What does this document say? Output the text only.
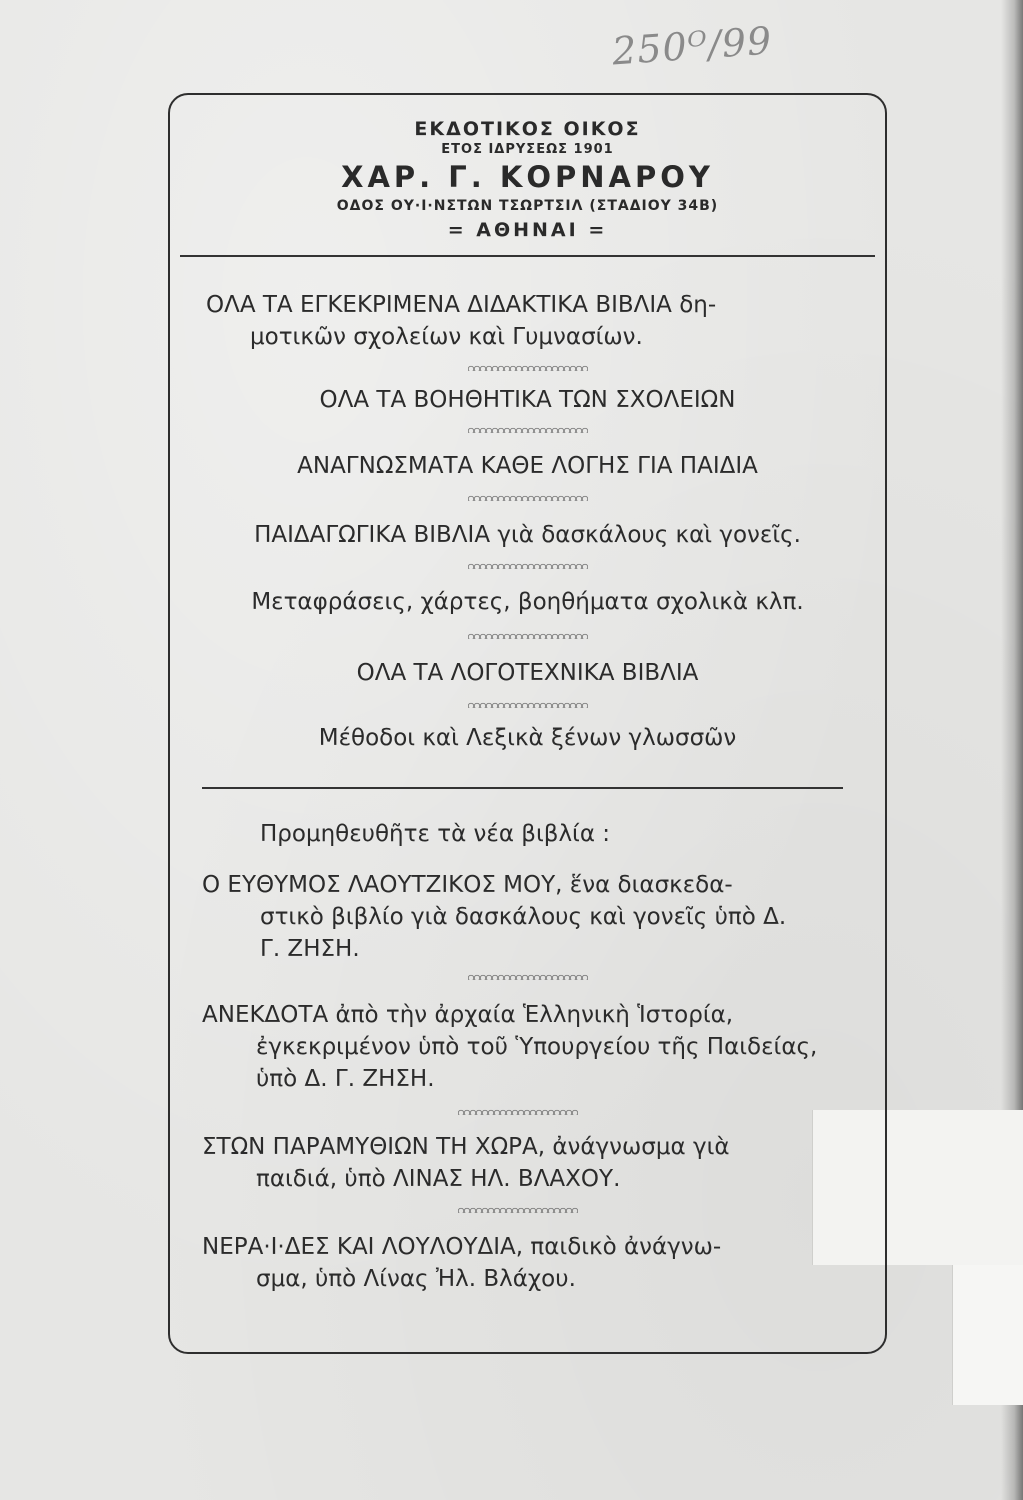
250ᴼ/99
ΕΚΔΟΤΙΚΟΣ ΟΙΚΟΣ
ΕΤΟΣ ΙΔΡΥΣΕΩΣ 1901
ΧΑΡ. Γ. ΚΟΡΝΑΡΟΥ
ΟΔΟΣ ΟΥ·Ι·ΝΣΤΩΝ ΤΣΩΡΤΣΙΛ (ΣΤΑΔΙΟΥ 34Β)
= ΑΘΗΝΑΙ =
ΟΛΑ ΤΑ ΕΓΚΕΚΡΙΜΕΝΑ ΔΙΔΑΚΤΙΚΑ ΒΙΒΛΙΑ δη-
μοτικῶν σχολείων καὶ Γυμνασίων.
ΟΛΑ ΤΑ ΒΟΗΘΗΤΙΚΑ ΤΩΝ ΣΧΟΛΕΙΩΝ
ΑΝΑΓΝΩΣΜΑΤΑ ΚΑΘΕ ΛΟΓΗΣ ΓΙΑ ΠΑΙΔΙΑ
ΠΑΙΔΑΓΩΓΙΚΑ ΒΙΒΛΙΑ γιὰ δασκάλους καὶ γονεῖς.
Μεταφράσεις, χάρτες, βοηθήματα σχολικὰ κλπ.
ΟΛΑ ΤΑ ΛΟΓΟΤΕΧΝΙΚΑ ΒΙΒΛΙΑ
Μέθοδοι καὶ Λεξικὰ ξένων γλωσσῶν
Προμηθευθῆτε τὰ νέα βιβλία :
Ο ΕΥΘΥΜΟΣ ΛΑΟΥΤΖΙΚΟΣ ΜΟΥ, ἕνα διασκεδα-
στικὸ βιβλίο γιὰ δασκάλους καὶ γονεῖς ὑπὸ Δ.
Γ. ΖΗΣΗ.
ΑΝΕΚΔΟΤΑ ἀπὸ τὴν ἀρχαία Ἑλληνικὴ Ἱστορία,
ἐγκεκριμένον ὑπὸ τοῦ Ὑπουργείου τῆς Παιδείας,
ὑπὸ Δ. Γ. ΖΗΣΗ.
ΣΤΩΝ ΠΑΡΑΜΥΘΙΩΝ ΤΗ ΧΩΡΑ, ἀνάγνωσμα γιὰ
παιδιά, ὑπὸ ΛΙΝΑΣ ΗΛ. ΒΛΑΧΟΥ.
ΝΕΡΑ·Ι·ΔΕΣ ΚΑΙ ΛΟΥΛΟΥΔΙΑ, παιδικὸ ἀνάγνω-
σμα, ὑπὸ Λίνας Ἠλ. Βλάχου.
